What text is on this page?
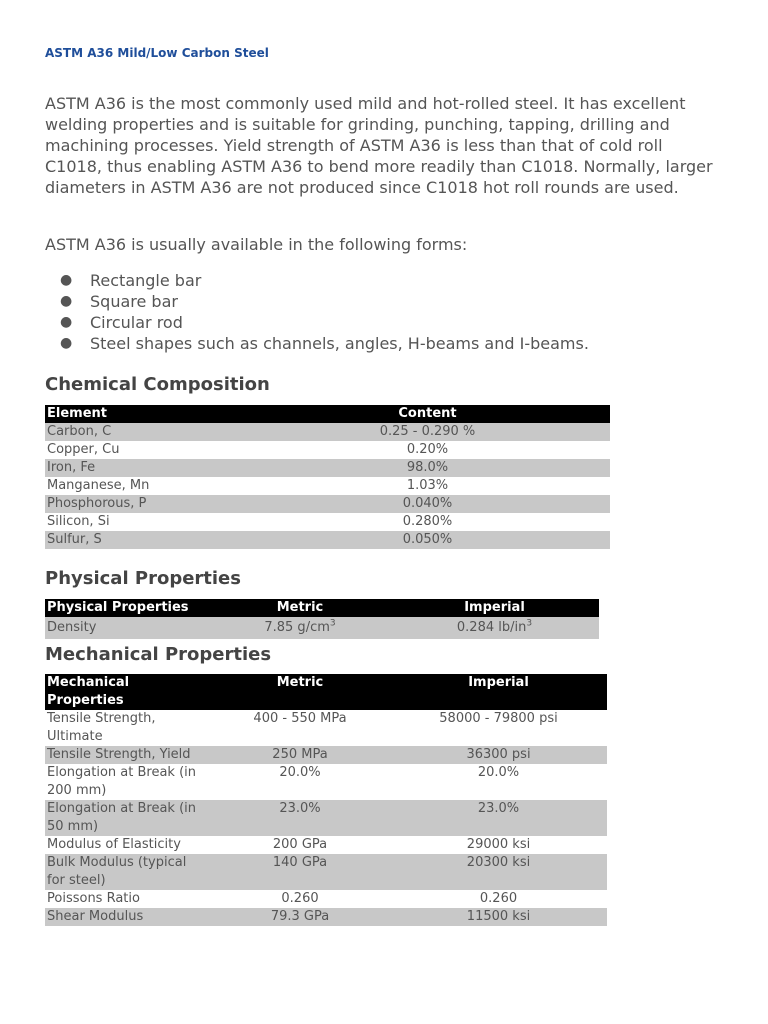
ASTM A36 Mild/Low Carbon Steel

ASTM A36 is the most commonly used mild and hot-rolled steel. It has excellent welding properties and is suitable for grinding, punching, tapping, drilling and machining processes. Yield strength of ASTM A36 is less than that of cold roll C1018, thus enabling ASTM A36 to bend more readily than C1018. Normally, larger diameters in ASTM A36 are not produced since C1018 hot roll rounds are used.

ASTM A36 is usually available in the following forms:

● Rectangle bar
● Square bar
● Circular rod
● Steel shapes such as channels, angles, H-beams and I-beams.
Chemical Composition
Element	Content
Carbon, C	0.25 - 0.290 %
Copper, Cu	0.20%
Iron, Fe	98.0%
Manganese, Mn	1.03%
Phosphorous, P	0.040%
Silicon, Si	0.280%
Sulfur, S	0.050%
Physical Properties
Physical Properties	Metric	Imperial
Density	7.85 $g/cm^3$	0.284 $lb/in^3$
Mechanical Properties
Mechanical Properties	Metric	Imperial
Tensile Strength, Ultimate	400 - 550 MPa	58000 - 79800 psi
Tensile Strength, Yield	250 MPa	36300 psi
Elongation at Break (in 200 mm)	20.0%	20.0%
Elongation at Break (in 50 mm)	23.0%	23.0%
Modulus of Elasticity	200 GPa	29000 ksi
Bulk Modulus (typical for steel)	140 GPa	20300 ksi
Poissons Ratio	0.260	0.260
Shear Modulus	79.3 GPa	11500 ksi
